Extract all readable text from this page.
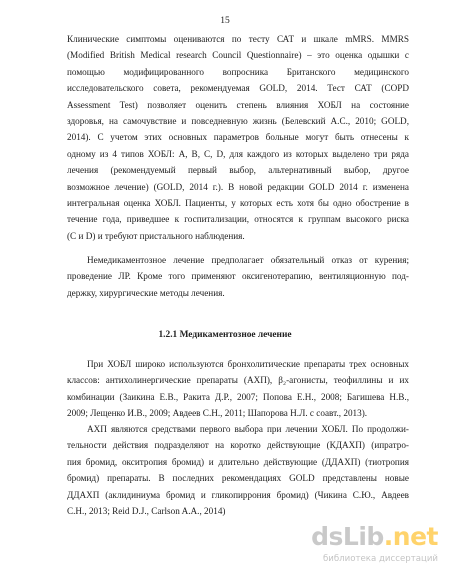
15
Клинические симптомы оцениваются по тесту САТ и шкале mMRS. MMRS
(Modified British Medical research Council Questionnaire) – это оценка одышки с
помощью модифицированного вопросника Британского медицинского
исследовательского совета, рекомендуемая GOLD, 2014. Тест САТ (COPD
Assessment Test) позволяет оценить степень влияния ХОБЛ на состояние
здоровья, на самочувствие и повседневную жизнь (Белевский А.С., 2010; GOLD,
2014). С учетом этих основных параметров больные могут быть отнесены к
одному из 4 типов ХОБЛ: А, В, С, D, для каждого из которых выделено три ряда
лечения (рекомендуемый первый выбор, альтернативный выбор, другое
возможное лечение) (GOLD, 2014 г.). В новой редакции GOLD 2014 г. изменена
интегральная оценка ХОБЛ. Пациенты, у которых есть хотя бы одно обострение в
течение года, приведшее к госпитализации, относятся к группам высокого риска
(С и D) и требуют пристального наблюдения.
Немедикаментозное лечение предполагает обязательный отказ от курения;
проведение ЛР. Кроме того применяют оксигенотерапию, вентиляционную под-
держку, хирургические методы лечения.
1.2.1 Медикаментозное лечение
При ХОБЛ широко используются бронхолитические препараты трех основных
классов: антихолинергические препараты (АХП), β₂-агонисты, теофиллины и их
комбинации (Заикина Е.В., Ракита Д.Р., 2007; Попова Е.Н., 2008; Багишева Н.В.,
2009; Лещенко И.В., 2009; Авдеев С.Н., 2011; Шапорова Н.Л. с соавт., 2013).
АХП являются средствами первого выбора при лечении ХОБЛ. По продолжи-
тельности действия подразделяют на коротко действующие (КДАХП) (ипратро-
пия бромид, окситропия бромид) и длительно действующие (ДДАХП) (тиотропия
бромид) препараты. В последних рекомендациях GOLD представлены новые
ДДАХП (аклидиниума бромид и гликопиррония бромид) (Чикина С.Ю., Авдеев
С.Н., 2013; Reid D.J., Carlson A.A., 2014)
dsLib.net
библиотека диссертаций
